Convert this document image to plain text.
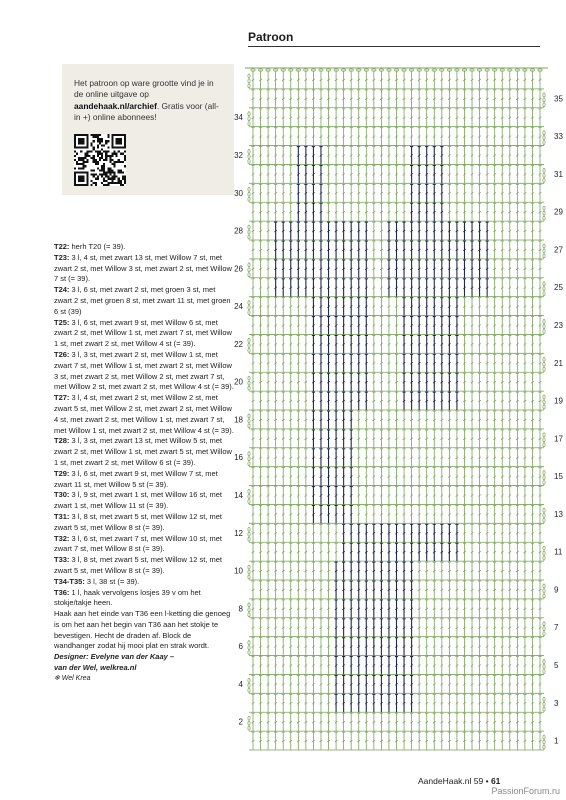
Patroon
Het patroon op ware grootte vind je in de online uitgave op aandehaak.nl/archief. Gratis voor (all-in +) online abonnees!

T22: herh T20 (= 39).

T23: 3 l, 4 st, met zwart 13 st, met Willow 7 st, met zwart 2 st, met Willow 3 st, met zwart 2 st, met Willow 7 st (= 39).

T24: 3 l, 6 st, met zwart 2 st, met groen 3 st, met zwart 2 st, met groen 8 st, met zwart 11 st, met groen 6 st (39)

T25: 3 l, 6 st, met zwart 9 st, met Willow 6 st, met zwart 2 st, met Willow 1 st, met zwart 7 st, met Willow 1 st, met zwart 2 st, met Willow 4 st (= 39).

T26: 3 l, 3 st, met zwart 2 st, met Willow 1 st, met zwart 7 st, met Willow 1 st, met zwart 2 st, met Willow 3 st, met zwart 2 st, met Willow 2 st, met zwart 7 st, met Willow 2 st, met zwart 2 st, met Willow 4 st (= 39).

T27: 3 l, 4 st, met zwart 2 st, met Willow 2 st, met zwart 5 st, met Willow 2 st, met zwart 2 st, met Willow 4 st, met zwart 2 st, met Willow 1 st, met zwart 7 st, met Willow 1 st, met zwart 2 st, met Willow 4 st (= 39).

T28: 3 l, 3 st, met zwart 13 st, met Willow 5 st, met zwart 2 st, met Willow 1 st, met zwart 5 st, met Willow 1 st, met zwart 2 st, met Willow 6 st (= 39).

T29: 3 l, 6 st, met zwart 9 st, met Willow 7 st, met zwart 11 st, met Willow 5 st (= 39).

T30: 3 l, 9 st, met zwart 1 st, met Willow 16 st, met zwart 1 st, met Willow 11 st (= 39).

T31: 3 l, 8 st, met zwart 5 st, met Willow 12 st, met zwart 5 st, met Willow 8 st (= 39).

T32: 3 l, 6 st, met zwart 7 st, met Willow 10 st, met zwart 7 st, met Willow 8 st (= 39).

T33: 3 l, 8 st, met zwart 5 st, met Willow 12 st, met zwart 5 st, met Willow 8 st (= 39).

T34-T35: 3 l, 38 st (= 39).

T36: 1 l, haak vervolgens losjes 39 v om het stokje/takje heen.

Haak aan het einde van T36 een l-ketting die genoeg is om het aan het begin van T36 aan het stokje te bevestigen. Hecht de draden af. Block de wandhanger zodat hij mooi plat en strak wordt.

Designer: Evelyne van der Kaay –

van der Wel, welkrea.nl

❄ Wel Krea

1
3
5
7
9
11
13
15
17
19
21
23
25
27
29
31
33
35
2
4
6
8
10
12
14
16
18
20
22
24
26
28
30
32
34
AandeHaak.nl 59 • 61
PassionForum.ru
